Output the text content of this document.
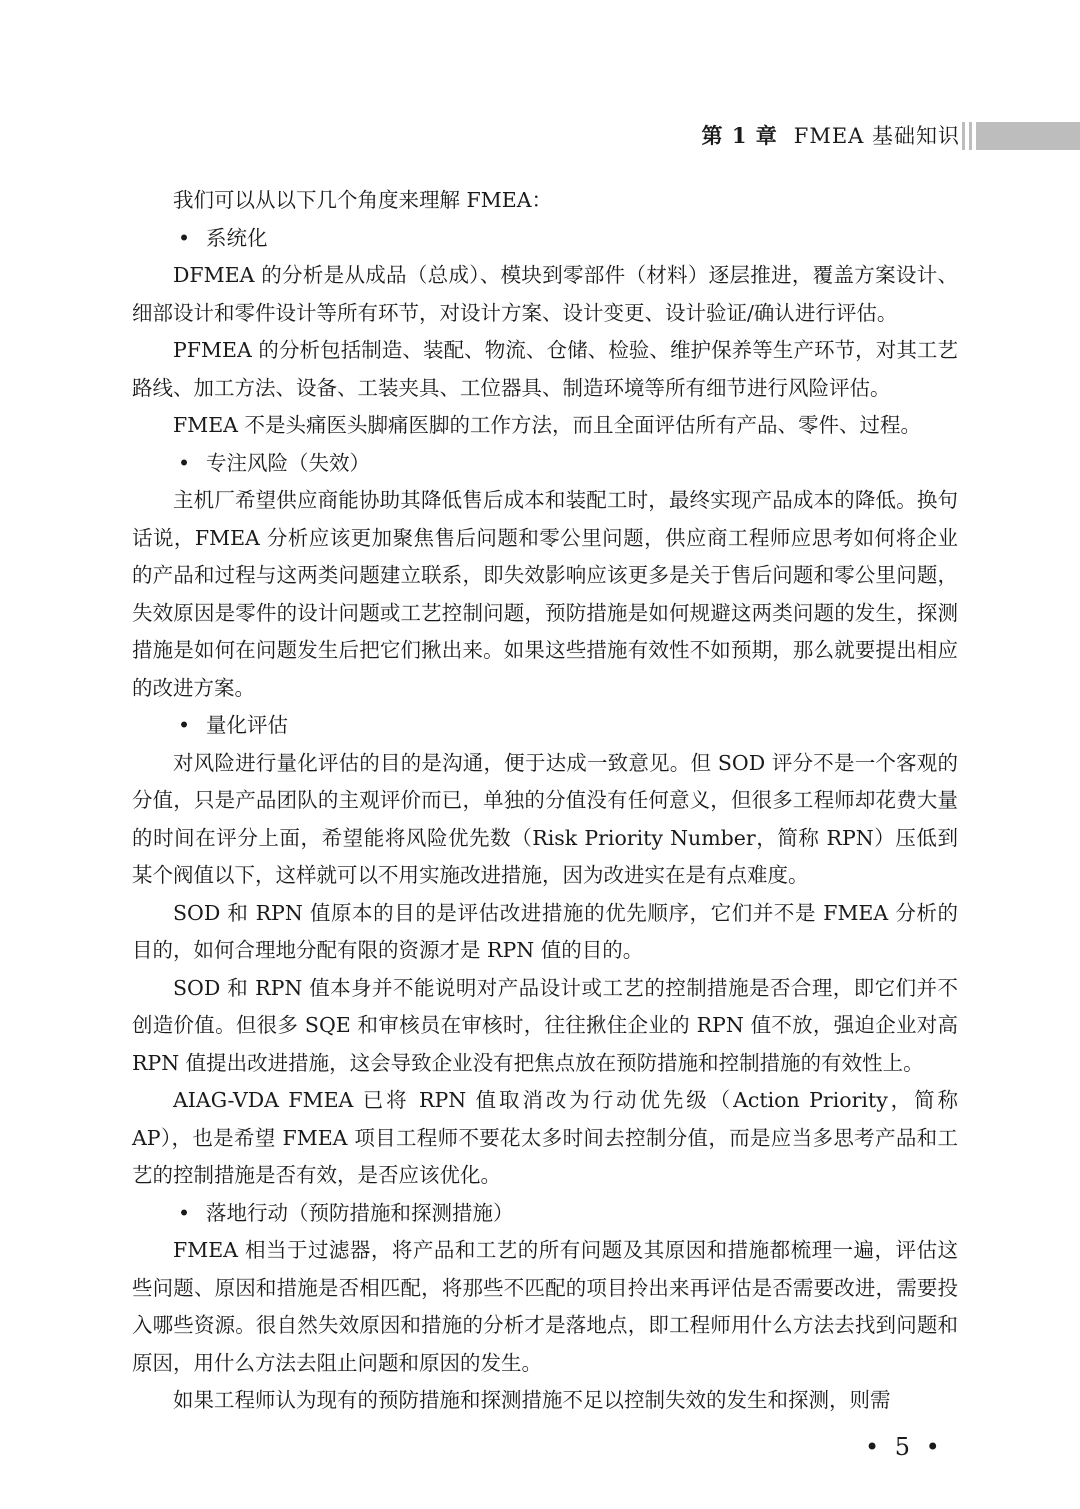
第 1 章 FMEA 基础知识

我们可以从以下几个角度来理解 FMEA：

• 系统化

DFMEA 的分析是从成品（总成）、模块到零部件（材料）逐层推进，覆盖方案设计、细部设计和零件设计等所有环节，对设计方案、设计变更、设计验证/确认进行评估。

PFMEA 的分析包括制造、装配、物流、仓储、检验、维护保养等生产环节，对其工艺路线、加工方法、设备、工装夹具、工位器具、制造环境等所有细节进行风险评估。

FMEA 不是头痛医头脚痛医脚的工作方法，而且全面评估所有产品、零件、过程。

• 专注风险（失效）

主机厂希望供应商能协助其降低售后成本和装配工时，最终实现产品成本的降低。换句话说，FMEA 分析应该更加聚焦售后问题和零公里问题，供应商工程师应思考如何将企业的产品和过程与这两类问题建立联系，即失效影响应该更多是关于售后问题和零公里问题，失效原因是零件的设计问题或工艺控制问题，预防措施是如何规避这两类问题的发生，探测措施是如何在问题发生后把它们揪出来。如果这些措施有效性不如预期，那么就要提出相应的改进方案。

• 量化评估

对风险进行量化评估的目的是沟通，便于达成一致意见。但 SOD 评分不是一个客观的分值，只是产品团队的主观评价而已，单独的分值没有任何意义，但很多工程师却花费大量的时间在评分上面，希望能将风险优先数（Risk Priority Number，简称 RPN）压低到某个阀值以下，这样就可以不用实施改进措施，因为改进实在是有点难度。

SOD 和 RPN 值原本的目的是评估改进措施的优先顺序，它们并不是 FMEA 分析的目的，如何合理地分配有限的资源才是 RPN 值的目的。

SOD 和 RPN 值本身并不能说明对产品设计或工艺的控制措施是否合理，即它们并不创造价值。但很多 SQE 和审核员在审核时，往往揪住企业的 RPN 值不放，强迫企业对高 RPN 值提出改进措施，这会导致企业没有把焦点放在预防措施和控制措施的有效性上。

AIAG-VDA FMEA 已将 RPN 值取消改为行动优先级（Action Priority，简称 AP），也是希望 FMEA 项目工程师不要花太多时间去控制分值，而是应当多思考产品和工艺的控制措施是否有效，是否应该优化。

• 落地行动（预防措施和探测措施）

FMEA 相当于过滤器，将产品和工艺的所有问题及其原因和措施都梳理一遍，评估这些问题、原因和措施是否相匹配，将那些不匹配的项目拎出来再评估是否需要改进，需要投入哪些资源。很自然失效原因和措施的分析才是落地点，即工程师用什么方法去找到问题和原因，用什么方法去阻止问题和原因的发生。

如果工程师认为现有的预防措施和探测措施不足以控制失效的发生和探测，则需

• 5 •
